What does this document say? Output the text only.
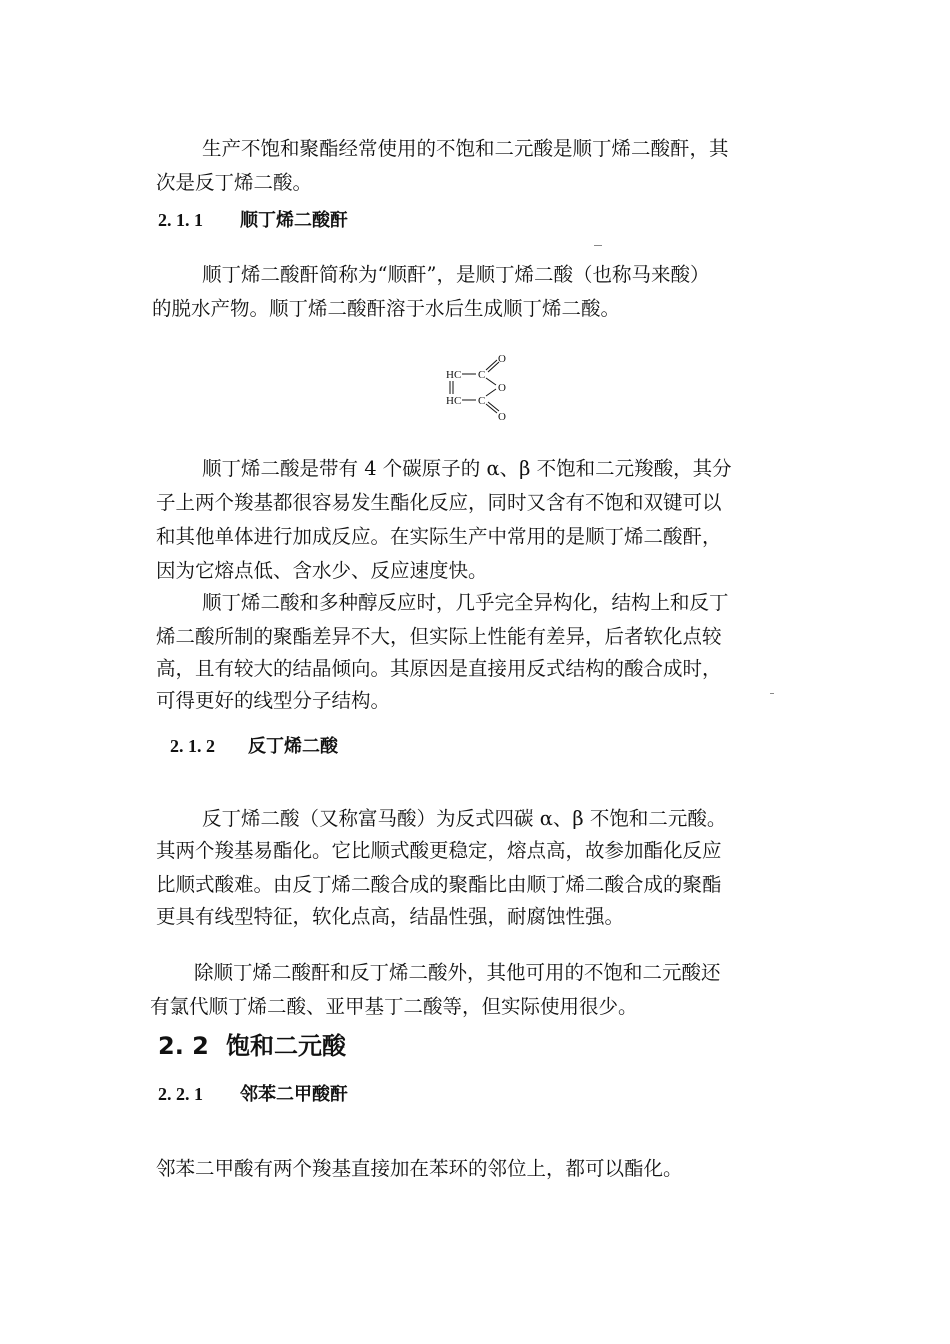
生产不饱和聚酯经常使用的不饱和二元酸是顺丁烯二酸酐，其

次是反丁烯二酸。

2. 1. 1 顺丁烯二酸酐

顺丁烯二酸酐简称为“顺酐”，是顺丁烯二酸（也称马来酸）

的脱水产物。顺丁烯二酸酐溶于水后生成顺丁烯二酸。

HC C
HC C
O
O
O

顺丁烯二酸是带有 4 个碳原子的 α、β 不饱和二元羧酸，其分

子上两个羧基都很容易发生酯化反应，同时又含有不饱和双键可以

和其他单体进行加成反应。在实际生产中常用的是顺丁烯二酸酐，

因为它熔点低、含水少、反应速度快。

顺丁烯二酸和多种醇反应时，几乎完全异构化，结构上和反丁

烯二酸所制的聚酯差异不大，但实际上性能有差异，后者软化点较

高，且有较大的结晶倾向。其原因是直接用反式结构的酸合成时，

可得更好的线型分子结构。

2. 1. 2 反丁烯二酸

反丁烯二酸（又称富马酸）为反式四碳 α、β 不饱和二元酸。

其两个羧基易酯化。它比顺式酸更稳定，熔点高，故参加酯化反应

比顺式酸难。由反丁烯二酸合成的聚酯比由顺丁烯二酸合成的聚酯

更具有线型特征，软化点高，结晶性强，耐腐蚀性强。

除顺丁烯二酸酐和反丁烯二酸外，其他可用的不饱和二元酸还

有氯代顺丁烯二酸、亚甲基丁二酸等，但实际使用很少。

2. 2 饱和二元酸
2. 2. 1 邻苯二甲酸酐

邻苯二甲酸有两个羧基直接加在苯环的邻位上，都可以酯化。
